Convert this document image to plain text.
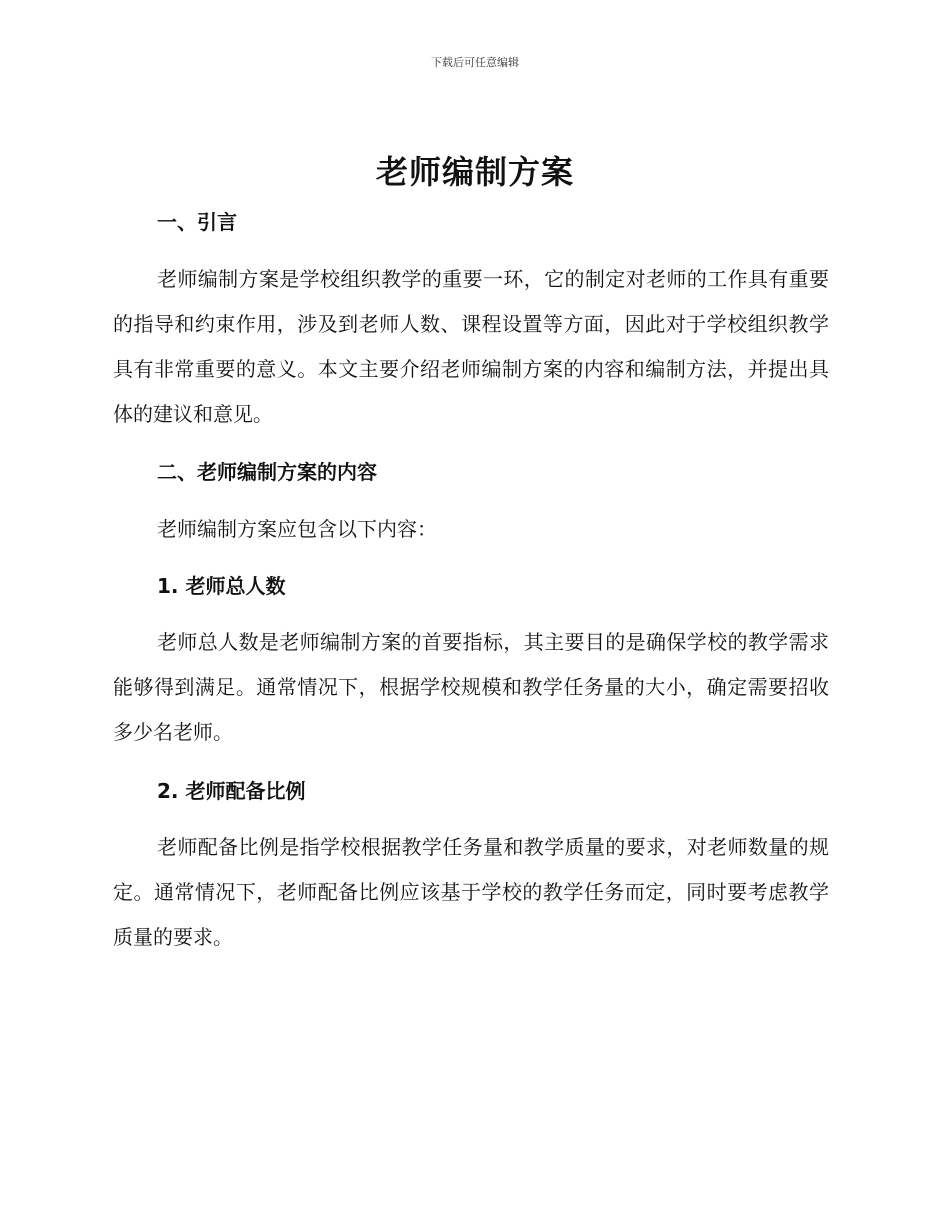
下载后可任意编辑
老师编制方案
一、引言
老师编制方案是学校组织教学的重要一环，它的制定对老师的工作具有重要的指导和约束作用，涉及到老师人数、课程设置等方面，因此对于学校组织教学具有非常重要的意义。本文主要介绍老师编制方案的内容和编制方法，并提出具体的建议和意见。
二、老师编制方案的内容
老师编制方案应包含以下内容：
1. 老师总人数
老师总人数是老师编制方案的首要指标，其主要目的是确保学校的教学需求能够得到满足。通常情况下，根据学校规模和教学任务量的大小，确定需要招收多少名老师。
2. 老师配备比例
老师配备比例是指学校根据教学任务量和教学质量的要求，对老师数量的规定。通常情况下，老师配备比例应该基于学校的教学任务而定，同时要考虑教学质量的要求。
